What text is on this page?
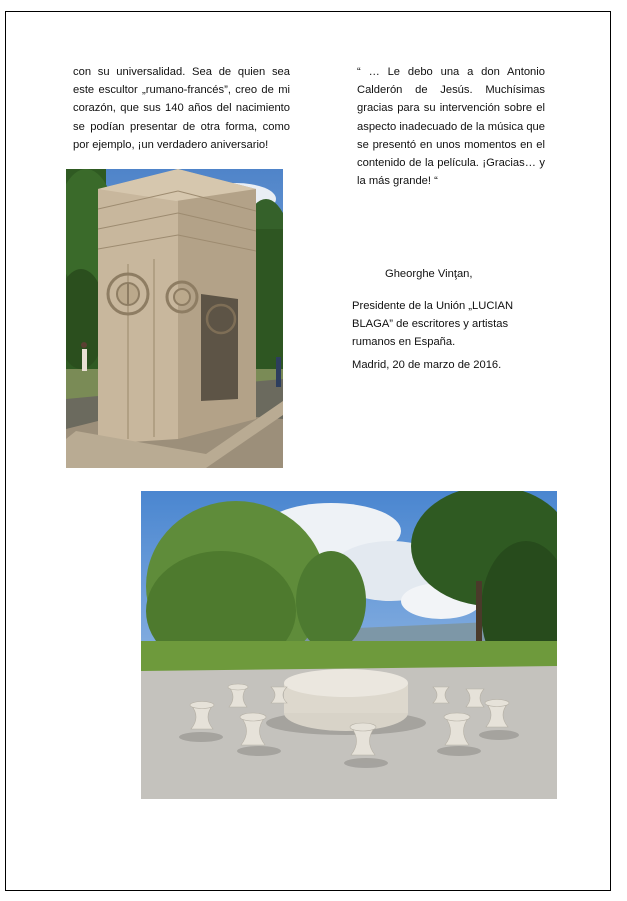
con su universalidad. Sea de quien sea este escultor „rumano-francés”, creo de mi corazón, que sus 140 años del nacimiento se podían presentar de otra forma, como por ejemplo, ¡un verdadero aniversario!
“ … Le debo una a don Antonio Calderón de Jesús. Muchísimas gracias para su intervención sobre el aspecto inadecuado de la música que se presentó en unos momentos en el contenido de la película. ¡Gracias… y la más grande! “
Gheorghe Vinţan,
Presidente de la Unión „LUCIAN BLAGA” de escritores y artistas rumanos en España.
Madrid, 20 de marzo de 2016.
